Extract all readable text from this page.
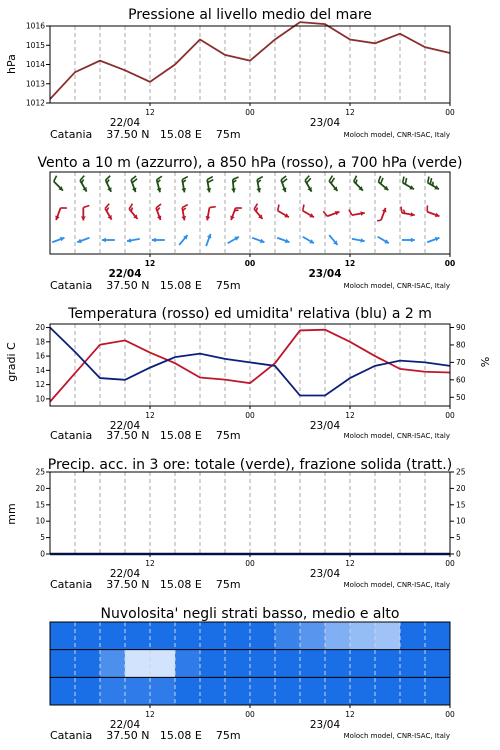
Pressione al livello medio del mare
hPa
12	00	12	00
22/04	23/04
1012
1013
1014
1015
1016
Catania    37.50 N   15.08 E    75m	Moloch model, CNR-ISAC, Italy
Vento a 10 m (azzurro), a 850 hPa (rosso), a 700 hPa (verde)
12	00	12	00
22/04	23/04
Catania    37.50 N   15.08 E    75m	Moloch model, CNR-ISAC, Italy
Temperatura (rosso) ed umidita' relativa (blu) a 2 m
gradi C	%
12	00	12	00
22/04	23/04
10
12
14
16
18
20
50
60
70
80
90
Catania    37.50 N   15.08 E    75m	Moloch model, CNR-ISAC, Italy
Precip. acc. in 3 ore: totale (verde), frazione solida (tratt.)
mm
12	00	12	00
22/04	23/04
0
5
10
15
20
25
0
5
10
15
20
25
Catania    37.50 N   15.08 E    75m	Moloch model, CNR-ISAC, Italy
Nuvolosita' negli strati basso, medio e alto
12	00	12	00
22/04	23/04
Catania    37.50 N   15.08 E    75m	Moloch model, CNR-ISAC, Italy
